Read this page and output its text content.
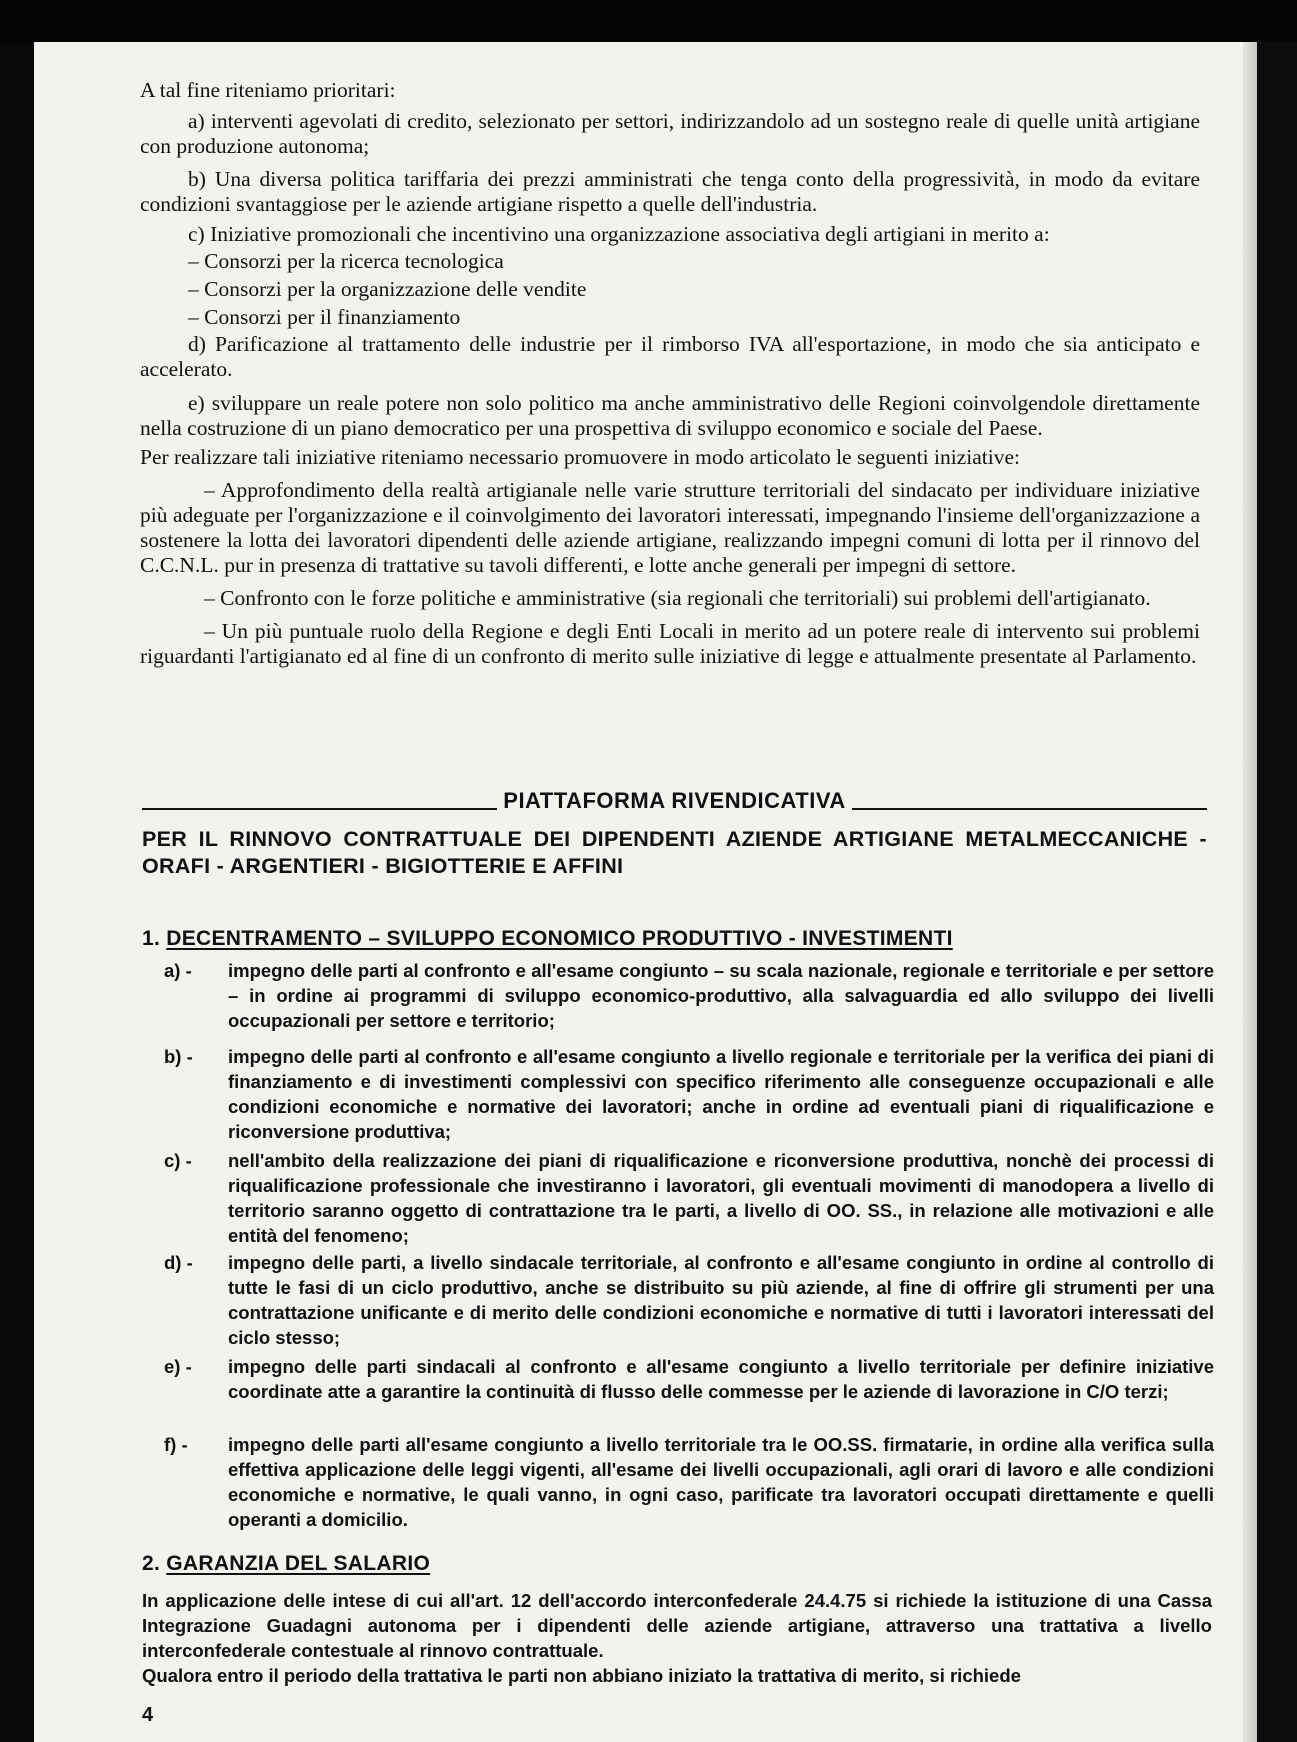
A tal fine riteniamo prioritari:

a) interventi agevolati di credito, selezionato per settori, indirizzandolo ad un sostegno reale di quelle unità artigiane con produzione autonoma;

b) Una diversa politica tariffaria dei prezzi amministrati che tenga conto della progressività, in modo da evitare condizioni svantaggiose per le aziende artigiane rispetto a quelle dell'industria.

c) Iniziative promozionali che incentivino una organizzazione associativa degli artigiani in merito a:

– Consorzi per la ricerca tecnologica

– Consorzi per la organizzazione delle vendite

– Consorzi per il finanziamento

d) Parificazione al trattamento delle industrie per il rimborso IVA all'esportazione, in modo che sia anticipato e accelerato.

e) sviluppare un reale potere non solo politico ma anche amministrativo delle Regioni coinvolgendole direttamente nella costruzione di un piano democratico per una prospettiva di sviluppo economico e sociale del Paese.

Per realizzare tali iniziative riteniamo necessario promuovere in modo articolato le seguenti iniziative:

– Approfondimento della realtà artigianale nelle varie strutture territoriali del sindacato per individuare iniziative più adeguate per l'organizzazione e il coinvolgimento dei lavoratori interessati, impegnando l'insieme dell'organizzazione a sostenere la lotta dei lavoratori dipendenti delle aziende artigiane, realizzando impegni comuni di lotta per il rinnovo del C.C.N.L. pur in presenza di trattative su tavoli differenti, e lotte anche generali per impegni di settore.

– Confronto con le forze politiche e amministrative (sia regionali che territoriali) sui problemi dell'artigianato.

– Un più puntuale ruolo della Regione e degli Enti Locali in merito ad un potere reale di intervento sui problemi riguardanti l'artigianato ed al fine di un confronto di merito sulle iniziative di legge e attualmente presentate al Parlamento.

PIATTAFORMA RIVENDICATIVA
PER IL RINNOVO CONTRATTUALE DEI DIPENDENTI AZIENDE ARTIGIANE METALMECCANICHE - ORAFI - ARGENTIERI - BIGIOTTERIE E AFFINI
1. DECENTRAMENTO – SVILUPPO ECONOMICO PRODUTTIVO - INVESTIMENTI
a) -	impegno delle parti al confronto e all'esame congiunto – su scala nazionale, regionale e territoriale e per settore – in ordine ai programmi di sviluppo economico-produttivo, alla salvaguardia ed allo sviluppo dei livelli occupazionali per settore e territorio;
b) -	impegno delle parti al confronto e all'esame congiunto a livello regionale e territoriale per la verifica dei piani di finanziamento e di investimenti complessivi con specifico riferimento alle conseguenze occupazionali e alle condizioni economiche e normative dei lavoratori; anche in ordine ad eventuali piani di riqualificazione e riconversione produttiva;
c) -	nell'ambito della realizzazione dei piani di riqualificazione e riconversione produttiva, nonchè dei processi di riqualificazione professionale che investiranno i lavoratori, gli eventuali movimenti di manodopera a livello di territorio saranno oggetto di contrattazione tra le parti, a livello di OO. SS., in relazione alle motivazioni e alle entità del fenomeno;
d) -	impegno delle parti, a livello sindacale territoriale, al confronto e all'esame congiunto in ordine al controllo di tutte le fasi di un ciclo produttivo, anche se distribuito su più aziende, al fine di offrire gli strumenti per una contrattazione unificante e di merito delle condizioni economiche e normative di tutti i lavoratori interessati del ciclo stesso;
e) -	impegno delle parti sindacali al confronto e all'esame congiunto a livello territoriale per definire iniziative coordinate atte a garantire la continuità di flusso delle commesse per le aziende di lavorazione in C/O terzi;
f) -	impegno delle parti all'esame congiunto a livello territoriale tra le OO.SS. firmatarie, in ordine alla verifica sulla effettiva applicazione delle leggi vigenti, all'esame dei livelli occupazionali, agli orari di lavoro e alle condizioni economiche e normative, le quali vanno, in ogni caso, parificate tra lavoratori occupati direttamente e quelli operanti a domicilio.
2. GARANZIA DEL SALARIO

In applicazione delle intese di cui all'art. 12 dell'accordo interconfederale 24.4.75 si richiede la istituzione di una Cassa Integrazione Guadagni autonoma per i dipendenti delle aziende artigiane, attraverso una trattativa a livello interconfederale contestuale al rinnovo contrattuale.

Qualora entro il periodo della trattativa le parti non abbiano iniziato la trattativa di merito, si richiede

4
